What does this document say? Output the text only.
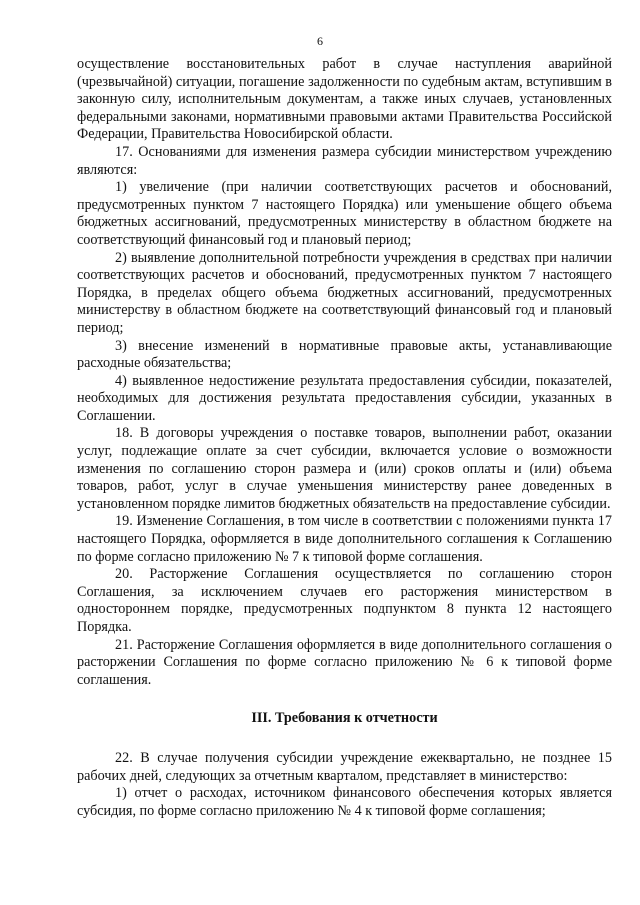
6

осуществление восстановительных работ в случае наступления аварийной (чрезвычайной) ситуации, погашение задолженности по судебным актам, вступившим в законную силу, исполнительным документам, а также иных случаев, установленных федеральными законами, нормативными правовыми актами Правительства Российской Федерации, Правительства Новосибирской области.

17. Основаниями для изменения размера субсидии министерством учреждению являются:

1) увеличение (при наличии соответствующих расчетов и обоснований, предусмотренных пунктом 7 настоящего Порядка) или уменьшение общего объема бюджетных ассигнований, предусмотренных министерству в областном бюджете на соответствующий финансовый год и плановый период;

2) выявление дополнительной потребности учреждения в средствах при наличии соответствующих расчетов и обоснований, предусмотренных пунктом 7 настоящего Порядка, в пределах общего объема бюджетных ассигнований, предусмотренных министерству в областном бюджете на соответствующий финансовый год и плановый период;

3) внесение изменений в нормативные правовые акты, устанавливающие расходные обязательства;

4) выявленное недостижение результата предоставления субсидии, показателей, необходимых для достижения результата предоставления субсидии, указанных в Соглашении.

18. В договоры учреждения о поставке товаров, выполнении работ, оказании услуг, подлежащие оплате за счет субсидии, включается условие о возможности изменения по соглашению сторон размера и (или) сроков оплаты и (или) объема товаров, работ, услуг в случае уменьшения министерству ранее доведенных в установленном порядке лимитов бюджетных обязательств на предоставление субсидии.

19. Изменение Соглашения, в том числе в соответствии с положениями пункта 17 настоящего Порядка, оформляется в виде дополнительного соглашения к Соглашению по форме согласно приложению № 7 к типовой форме соглашения.

20. Расторжение Соглашения осуществляется по соглашению сторон Соглашения, за исключением случаев его расторжения министерством в одностороннем порядке, предусмотренных подпунктом 8 пункта 12 настоящего Порядка.

21. Расторжение Соглашения оформляется в виде дополнительного соглашения о расторжении Соглашения по форме согласно приложению № 6 к типовой форме соглашения.

III. Требования к отчетности

22. В случае получения субсидии учреждение ежеквартально, не позднее 15 рабочих дней, следующих за отчетным кварталом, представляет в министерство:

1) отчет о расходах, источником финансового обеспечения которых является субсидия, по форме согласно приложению № 4 к типовой форме соглашения;
